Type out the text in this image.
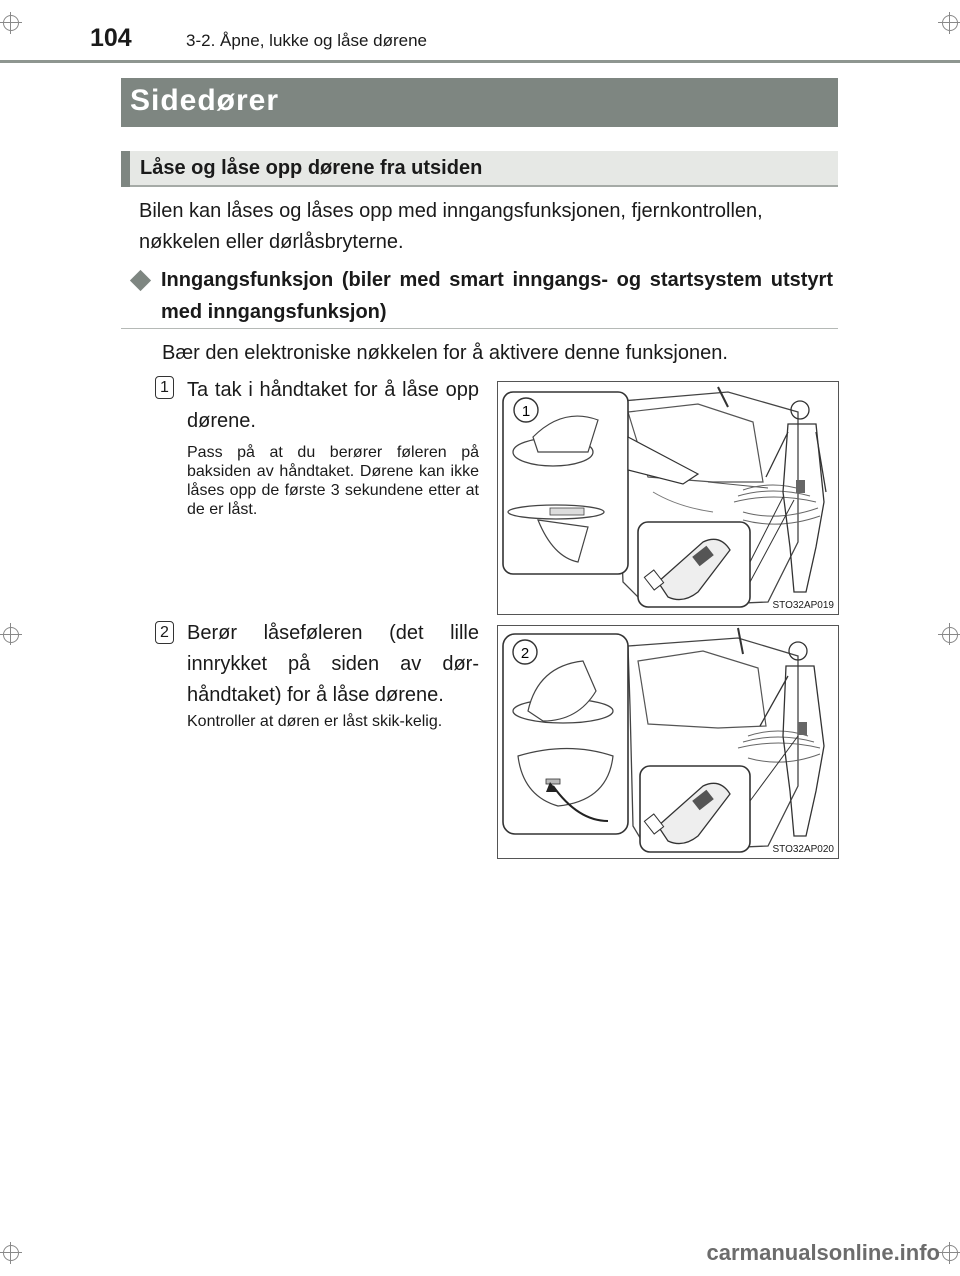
104	3-2. Åpne, lukke og låse dørene
Sidedører
Låse og låse opp dørene fra utsiden
Bilen kan låses og låses opp med inngangsfunksjonen, fjernkontrollen, nøkkelen eller dørlåsbryterne.
Inngangsfunksjon (biler med smart inngangs- og startsystem utstyrt med inngangsfunksjon)
Bær den elektroniske nøkkelen for å aktivere denne funksjonen.
1 Ta tak i håndtaket for å låse opp dørene.
Pass på at du berører føleren på baksiden av håndtaket. Dørene kan ikke låses opp de første 3 sekundene etter at de er låst.
1
STO32AP019
2 Berør låseføleren (det lille innrykket på siden av dør-håndtaket) for å låse dørene.
Kontroller at døren er låst skik-kelig.
2
STO32AP020
carmanualsonline.info
